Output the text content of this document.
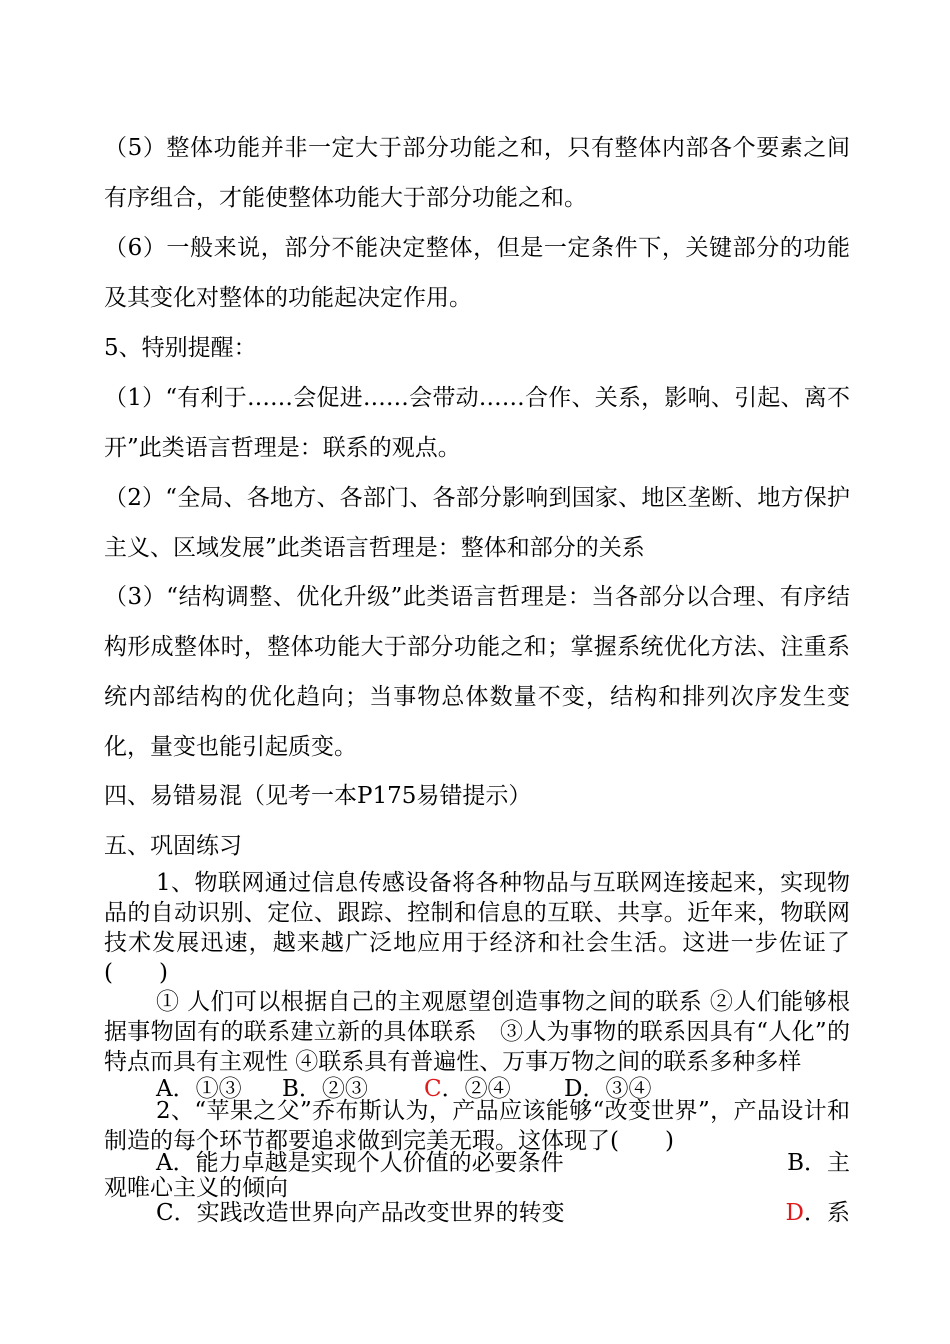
（5）整体功能并非一定大于部分功能之和，只有整体内部各个要素之间有序组合，才能使整体功能大于部分功能之和。

（6）一般来说，部分不能决定整体，但是一定条件下，关键部分的功能及其变化对整体的功能起决定作用。

5、特别提醒：

（1）“有利于……会促进……会带动……合作、关系，影响、引起、离不开”此类语言哲理是：联系的观点。

（2）“全局、各地方、各部门、各部分影响到国家、地区垄断、地方保护主义、区域发展”此类语言哲理是：整体和部分的关系

（3）“结构调整、优化升级”此类语言哲理是：当各部分以合理、有序结构形成整体时，整体功能大于部分功能之和；掌握系统优化方法、注重系统内部结构的优化趋向；当事物总体数量不变，结构和排列次序发生变化，量变也能引起质变。

四、易错易混（见考一本P175易错提示）

五、巩固练习

1、物联网通过信息传感设备将各种物品与互联网连接起来，实现物品的自动识别、定位、跟踪、控制和信息的互联、共享。近年来，物联网技术发展迅速，越来越广泛地应用于经济和社会生活。这进一步佐证了(　　)

① 人们可以根据自己的主观愿望创造事物之间的联系 ②人们能够根据事物固有的联系建立新的具体联系　③人为事物的联系因具有“人化”的特点而具有主观性 ④联系具有普遍性、万事万物之间的联系多种多样

A．①③ B．②③ C．②④ D．③④

2、“苹果之父”乔布斯认为，产品应该能够“改变世界”，产品设计和制造的每个环节都要追求做到完美无瑕。这体现了(　　)

A．能力卓越是实现个人价值的必要条件	B．主
观唯心主义的倾向
C．实践改造世界向产品改变世界的转变	D．系
